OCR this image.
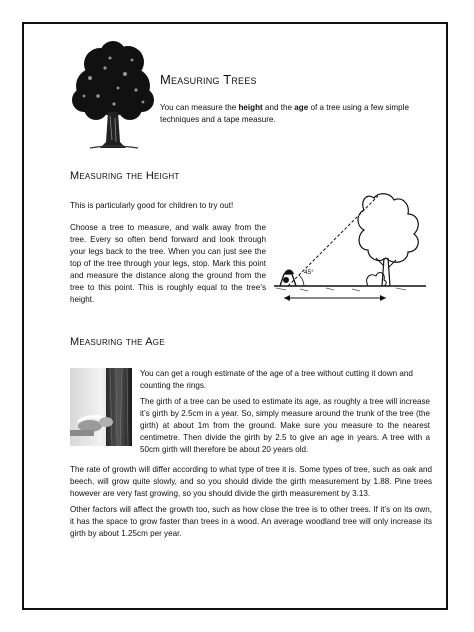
Measuring Trees
You can measure the height and the age of a tree using a few simple techniques and a tape measure.
Measuring the Height
This is particularly good for children to try out!
Choose a tree to measure, and walk away from the tree. Every so often bend forward and look through your legs back to the tree. When you can just see the top of the tree through your legs, stop. Mark this point and measure the distance along the ground from the tree to this point. This is roughly equal to the tree’s height.
45°
Measuring the Age
You can get a rough estimate of the age of a tree without cutting it down and counting the rings.
The girth of a tree can be used to estimate its age, as roughly a tree will increase it’s girth by 2.5cm in a year. So, simply measure around the trunk of the tree (the girth) at about 1m from the ground. Make sure you measure to the nearest centimetre. Then divide the girth by 2.5 to give an age in years. A tree with a 50cm girth will therefore be about 20 years old.
The rate of growth will differ according to what type of tree it is. Some types of tree, such as oak and beech, will grow quite slowly, and so you should divide the girth measurement by 1.88. Pine trees however are very fast growing, so you should divide the girth measurement by 3.13.
Other factors will affect the growth too, such as how close the tree is to other trees. If it’s on its own, it has the space to grow faster than trees in a wood. An average woodland tree will only increase its girth by about 1.25cm per year.
